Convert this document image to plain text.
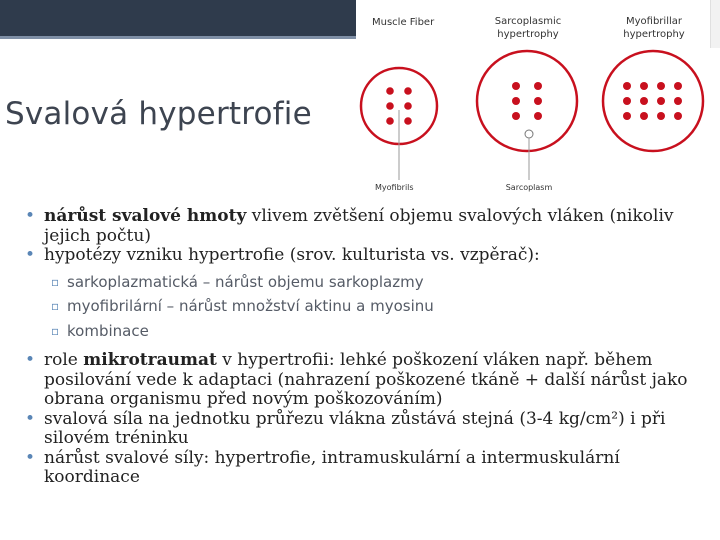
Svalová hypertrofie
Muscle Fiber	Sarcoplasmic
hypertrophy
Myofibrillar
hypertrophy
Myofibrils	Sarcoplasm

• nárůst svalové hmoty vlivem zvětšení objemu svalových vláken (nikoliv jejich počtu)

• hypotézy vzniku hypertrofie (srov. kulturista vs. vzpěrač):

▫ sarkoplazmatická – nárůst objemu sarkoplazmy
▫ myofibrilární – nárůst množství aktinu a myosinu
▫ kombinace

• role mikrotraumat v hypertrofii: lehké poškození vláken např. během posilování vede k adaptaci (nahrazení poškozené tkáně + další nárůst jako obrana organismu před novým poškozováním)

• svalová síla na jednotku průřezu vlákna zůstává stejná (3-4 kg/cm²) i při silovém tréninku

• nárůst svalové síly: hypertrofie, intramuskulární a intermuskulární koordinace
